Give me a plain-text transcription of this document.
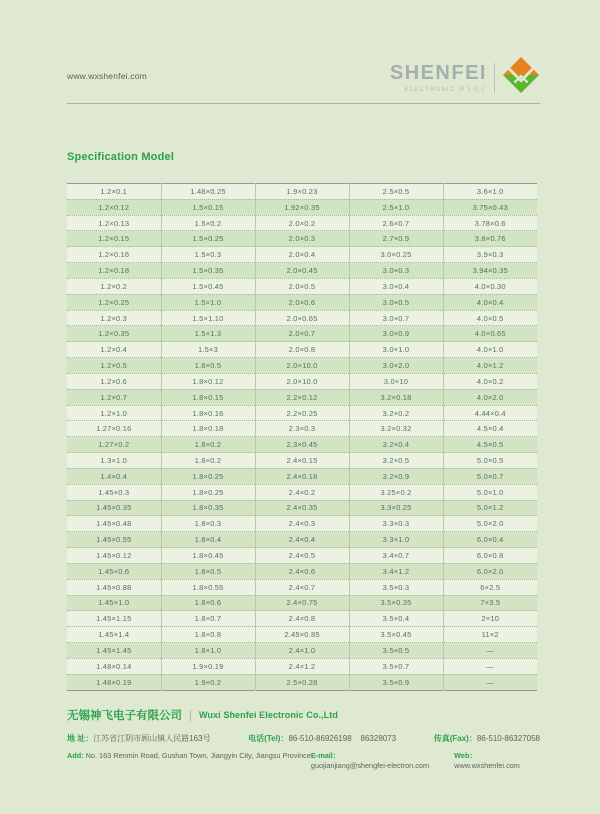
www.wxshenfei.com	SHENFEI
ELECTRONIC 神飞电子
Specification Model
1.2×0.1	1.48×0.25	1.9×0.23	2.5×0.5	3.6×1.0
1.2×0.12	1.5×0.15	1.92×0.35	2.5×1.0	3.75×0.43
1.2×0.13	1.5×0.2	2.0×0.2	2.6×0.7	3.78×0.6
1.2×0.15	1.5×0.25	2.0×0.3	2.7×0.9	3.8×0.76
1.2×0.16	1.5×0.3	2.0×0.4	3.0×0.25	3.9×0.3
1.2×0.18	1.5×0.35	2.0×0.45	3.0×0.3	3.94×0.35
1.2×0.2	1.5×0.45	2.0×0.5	3.0×0.4	4.0×0.30
1.2×0.25	1.5×1.0	2.0×0.6	3.0×0.5	4.0×0.4
1.2×0.3	1.5×1.10	2.0×0.65	3.0×0.7	4.0×0.5
1.2×0.35	1.5×1.3	2.0×0.7	3.0×0.9	4.0×0.65
1.2×0.4	1.5×3	2.0×0.8	3.0×1.0	4.0×1.0
1.2×0.5	1.6×0.5	2.0×10.0	3.0×2.0	4.0×1.2
1.2×0.6	1.8×0.12	2.0×10.0	3.0×10	4.0×0.2
1.2×0.7	1.8×0.15	2.2×0.12	3.2×0.18	4.0×2.0
1.2×1.0	1.8×0.16	2.2×0.25	3.2×0.2	4.44×0.4
1.27×0.16	1.8×0.18	2.3×0.3	3.2×0.32	4.5×0.4
1.27×0.2	1.8×0.2	2.3×0.45	3.2×0.4	4.5×0.5
1.3×1.0	1.8×0.2	2.4×0.15	3.2×0.5	5.0×0.5
1.4×0.4	1.8×0.25	2.4×0.18	3.2×0.9	5.0×0.7
1.45×0.3	1.8×0.25	2.4×0.2	3.25×0.2	5.0×1.0
1.45×0.35	1.8×0.35	2.4×0.35	3.3×0.25	5.0×1.2
1.45×0.48	1.8×0.3	2.4×0.3	3.3×0.3	5.0×2.0
1.45×0.55	1.8×0.4	2.4×0.4	3.3×1.0	6.0×0.4
1.45×0.12	1.8×0.45	2.4×0.5	3.4×0.7	6.0×0.8
1.45×0.6	1.8×0.5	2.4×0.6	3.4×1.2	6.0×2.0
1.45×0.88	1.8×0.55	2.4×0.7	3.5×0.3	6×2.5
1.45×1.0	1.8×0.6	2.4×0.75	3.5×0.35	7×3.5
1.45×1.15	1.8×0.7	2.4×0.8	3.5×0.4	2×10
1.45×1.4	1.8×0.8	2.45×0.85	3.5×0.45	11×2
1.45×1.45	1.8×1.0	2.4×1.0	3.5×0.5	—
1.48×0.14	1.9×0.19	2.4×1.2	3.5×0.7	—
1.48×0.19	1.9×0.2	2.5×0.28	3.5×0.9	—
无锡神飞电子有限公司 Wuxi Shenfei Electronic Co.,Ltd
地 址：江苏省江阴市顾山镇人民路163号	电话(Tel)：86-510-86926198    86328073	传真(Fax)：86-510-86327058
Add: No. 163 Renmin Road, Gushan Town, Jiangyin City, Jiangsu Province E-mail：guojianjiang@shengfei-electron.com
Web：www.wxshenfei.com
